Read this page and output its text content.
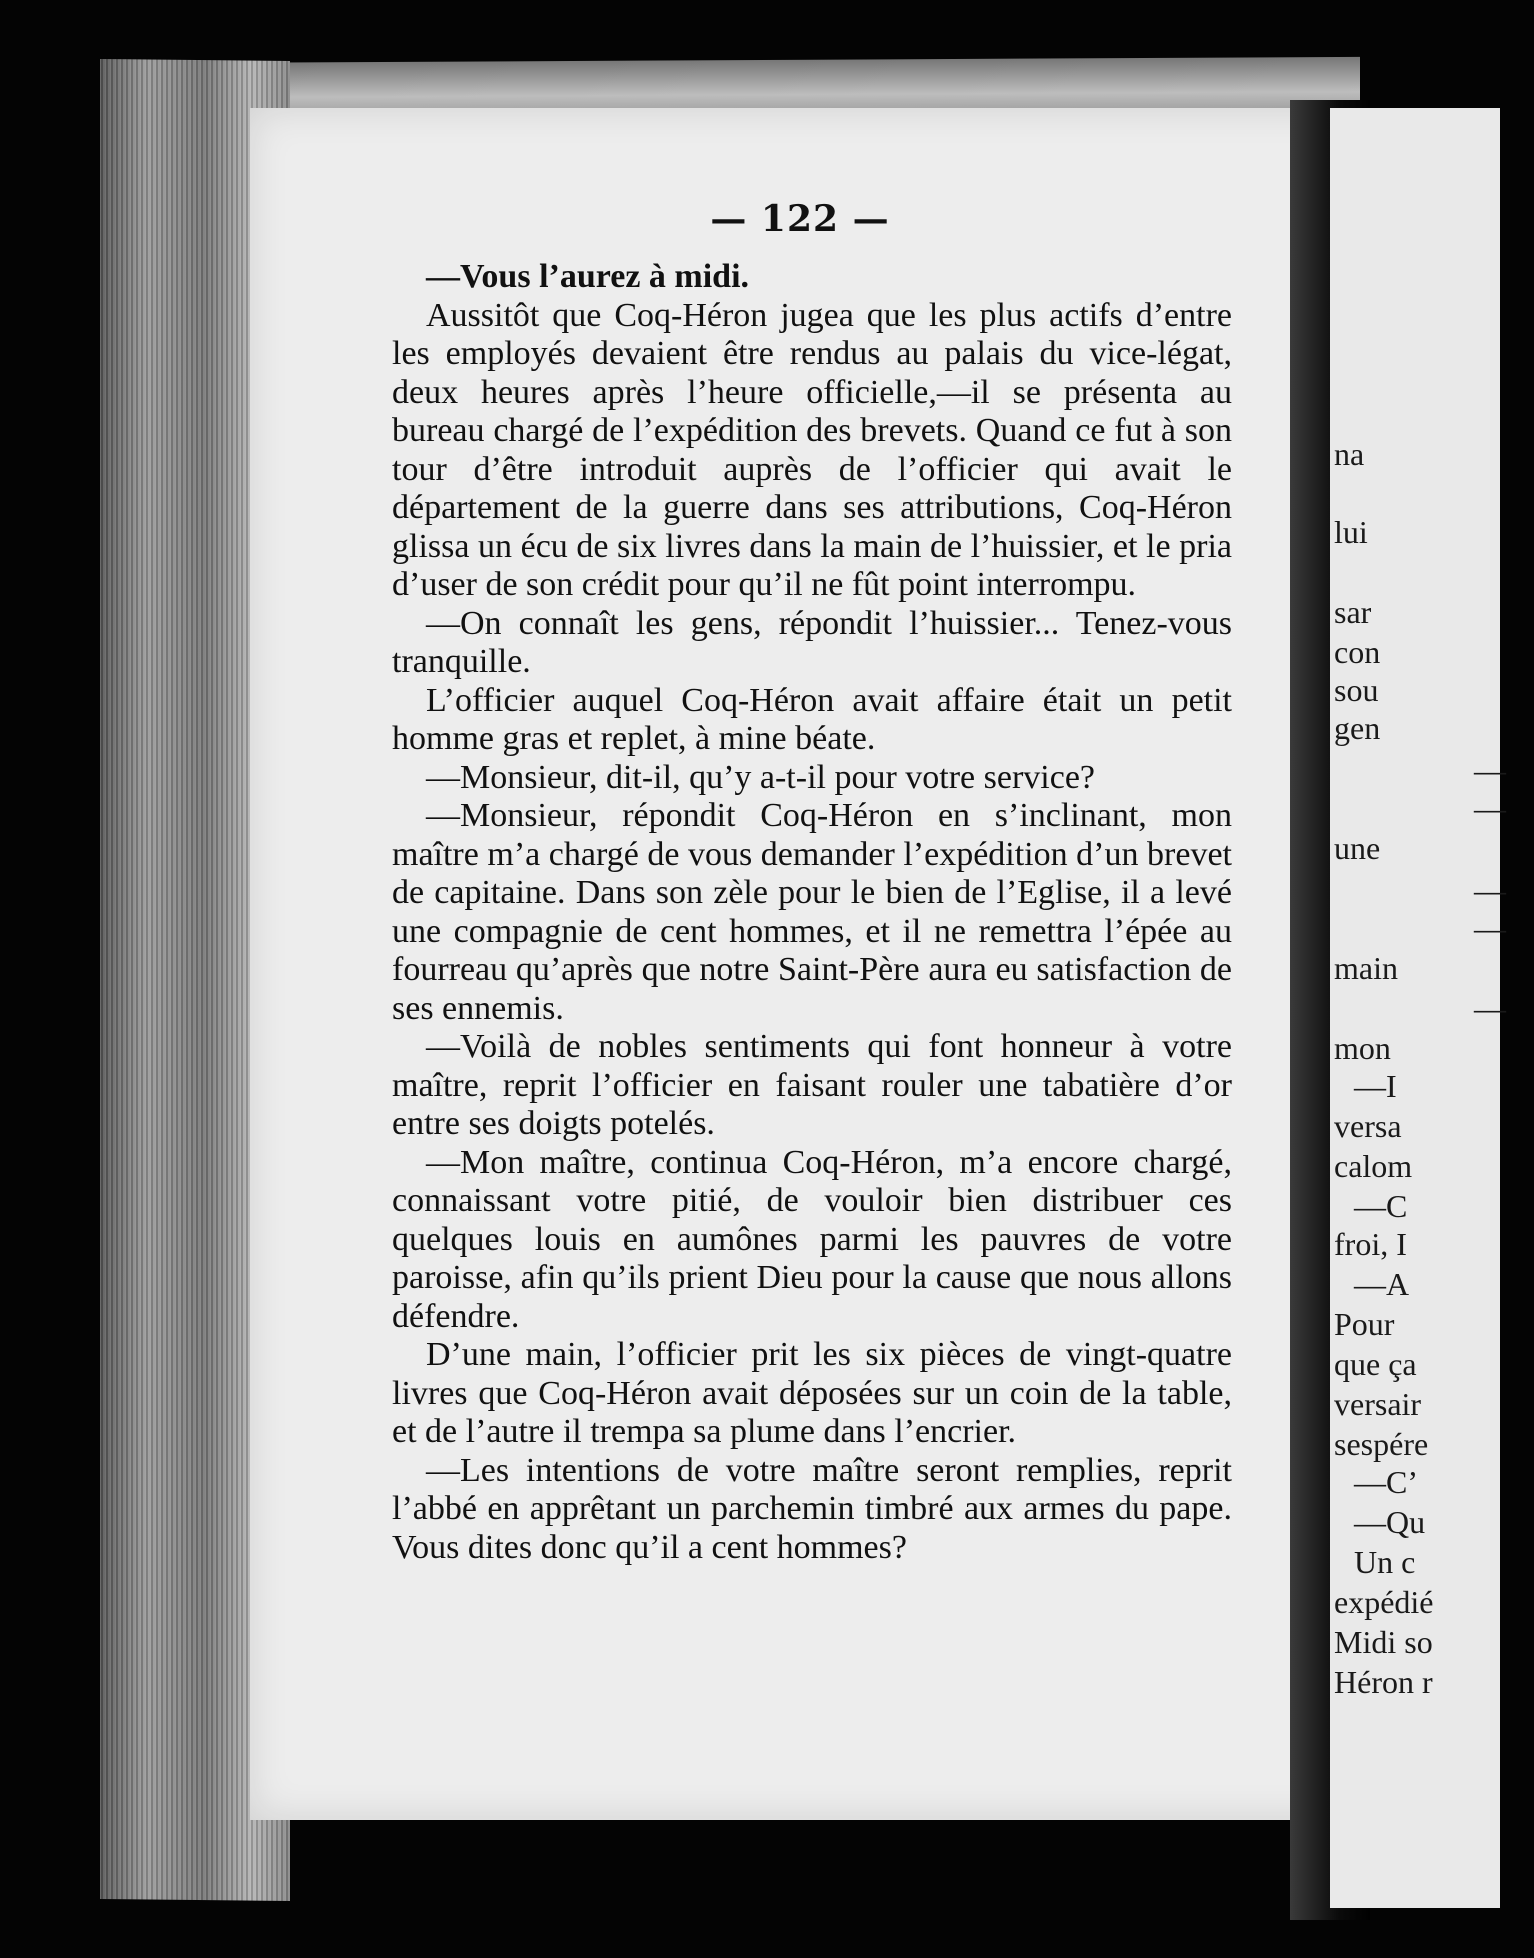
— 122 —

—Vous l’aurez à midi.

Aussitôt que Coq-Héron jugea que les plus actifs d’entre les employés devaient être rendus au palais du vice-légat, deux heures après l’heure officielle,—il se présenta au bureau chargé de l’expédition des brevets. Quand ce fut à son tour d’être introduit auprès de l’officier qui avait le département de la guerre dans ses attributions, Coq-Héron glissa un écu de six livres dans la main de l’huissier, et le pria d’user de son crédit pour qu’il ne fût point interrompu.

—On connaît les gens, répondit l’huissier... Tenez-vous tranquille.

L’officier auquel Coq-Héron avait affaire était un petit homme gras et replet, à mine béate.

—Monsieur, dit-il, qu’y a-t-il pour votre service?

—Monsieur, répondit Coq-Héron en s’inclinant, mon maître m’a chargé de vous demander l’expédition d’un brevet de capitaine. Dans son zèle pour le bien de l’Eglise, il a levé une compagnie de cent hommes, et il ne remettra l’épée au fourreau qu’après que notre Saint-Père aura eu satisfaction de ses ennemis.

—Voilà de nobles sentiments qui font honneur à votre maître, reprit l’officier en faisant rouler une tabatière d’or entre ses doigts potelés.

—Mon maître, continua Coq-Héron, m’a encore chargé, connaissant votre pitié, de vouloir bien distribuer ces quelques louis en aumônes parmi les pauvres de votre paroisse, afin qu’ils prient Dieu pour la cause que nous allons défendre.

D’une main, l’officier prit les six pièces de vingt-quatre livres que Coq-Héron avait déposées sur un coin de la table, et de l’autre il trempa sa plume dans l’encrier.

—Les intentions de votre maître seront remplies, reprit l’abbé en apprêtant un parchemin timbré aux armes du pape. Vous dites donc qu’il a cent hommes?

na
lui
sar
con
sou
gen
—
—
une
—
—
main
—
mon
—I
versa
calom
—C
froi, I
—A
Pour
que ça
versair
sespére
—C’
—Qu
Un c
expédié
Midi so
Héron r
